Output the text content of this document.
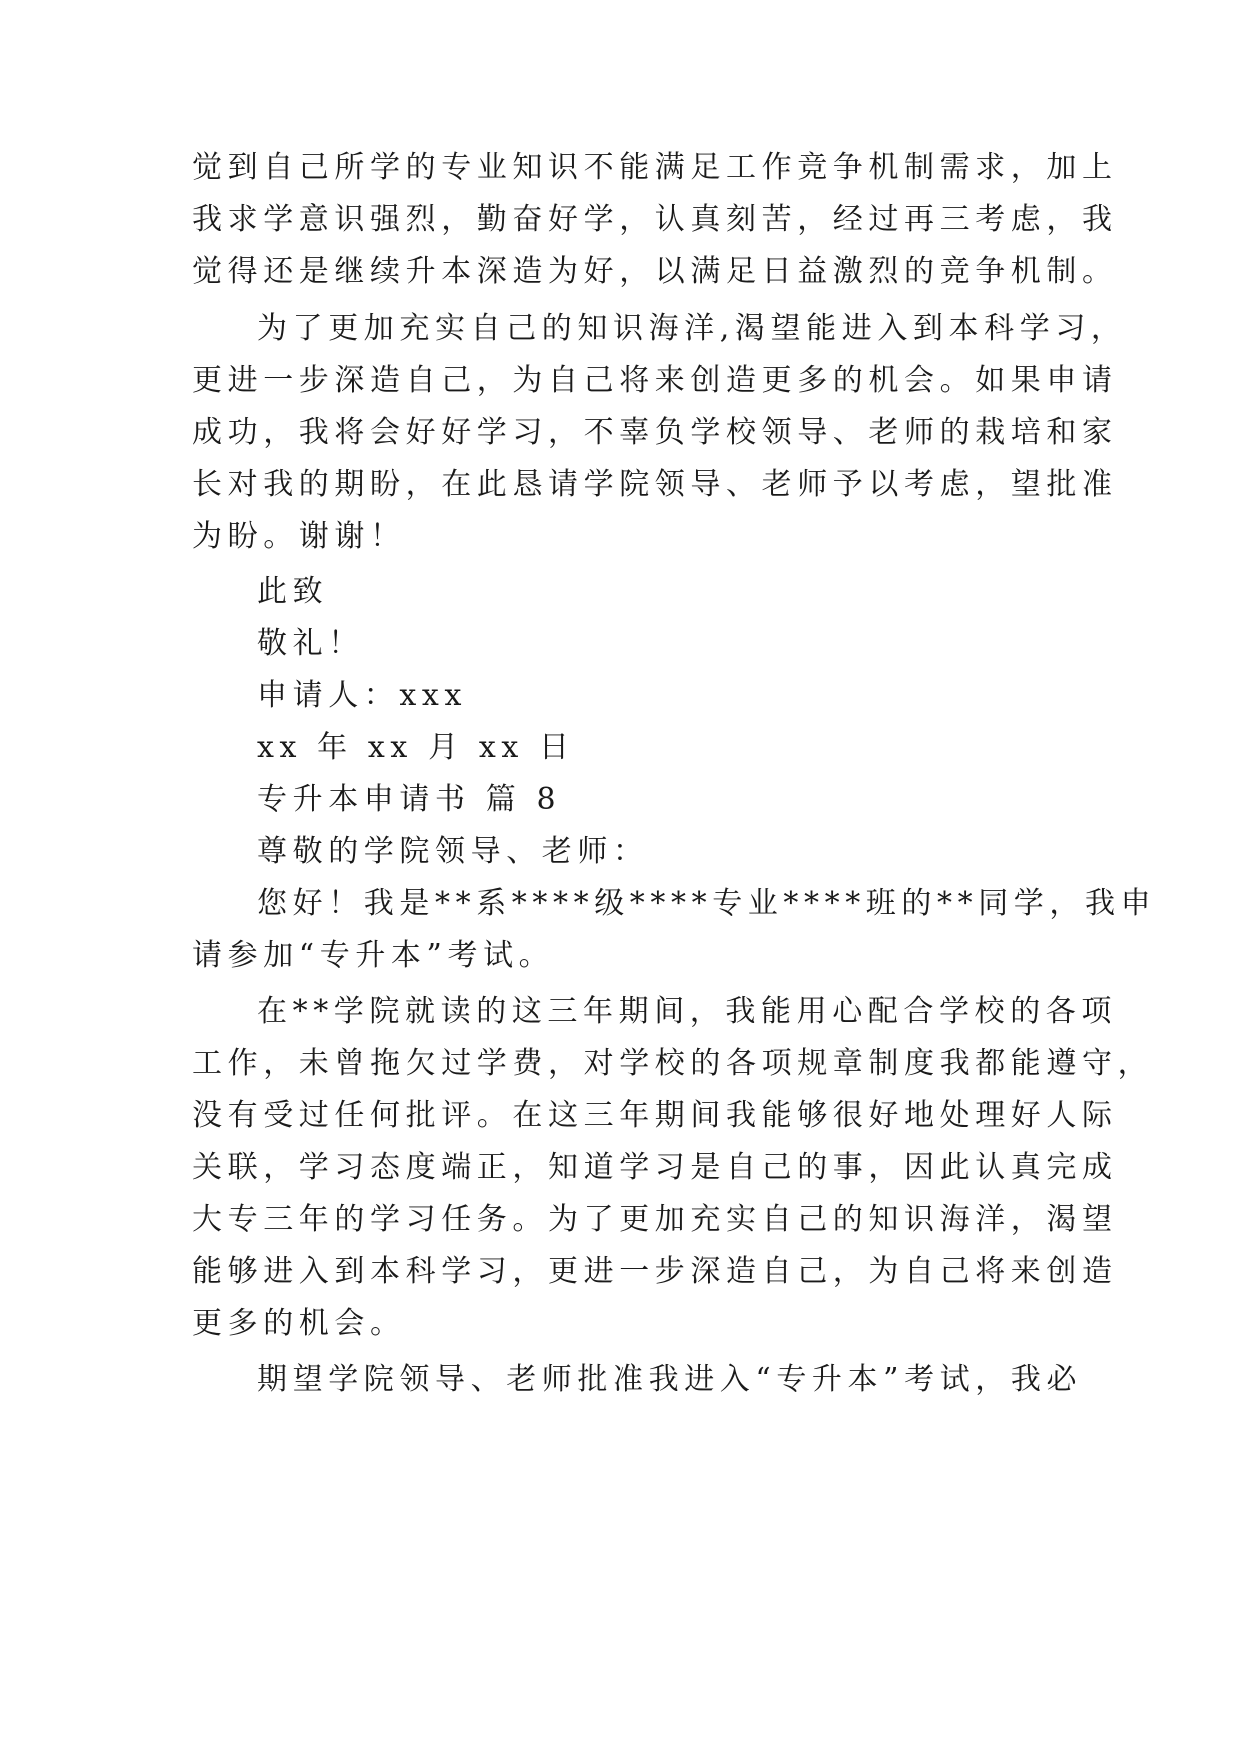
觉到自己所学的专业知识不能满足工作竞争机制需求，加上
我求学意识强烈，勤奋好学，认真刻苦，经过再三考虑，我
觉得还是继续升本深造为好，以满足日益激烈的竞争机制。
为了更加充实自己的知识海洋,渴望能进入到本科学习，
更进一步深造自己，为自己将来创造更多的机会。如果申请
成功，我将会好好学习，不辜负学校领导、老师的栽培和家
长对我的期盼，在此恳请学院领导、老师予以考虑，望批准
为盼。谢谢！
此致
敬礼！
申请人：xxx
xx 年 xx 月 xx 日
专升本申请书 篇 8
尊敬的学院领导、老师：
您好！我是**系****级****专业****班的**同学，我申
请参加“专升本”考试。
在**学院就读的这三年期间，我能用心配合学校的各项
工作，未曾拖欠过学费，对学校的各项规章制度我都能遵守，
没有受过任何批评。在这三年期间我能够很好地处理好人际
关联，学习态度端正，知道学习是自己的事，因此认真完成
大专三年的学习任务。为了更加充实自己的知识海洋，渴望
能够进入到本科学习，更进一步深造自己，为自己将来创造
更多的机会。
期望学院领导、老师批准我进入“专升本”考试，我必
